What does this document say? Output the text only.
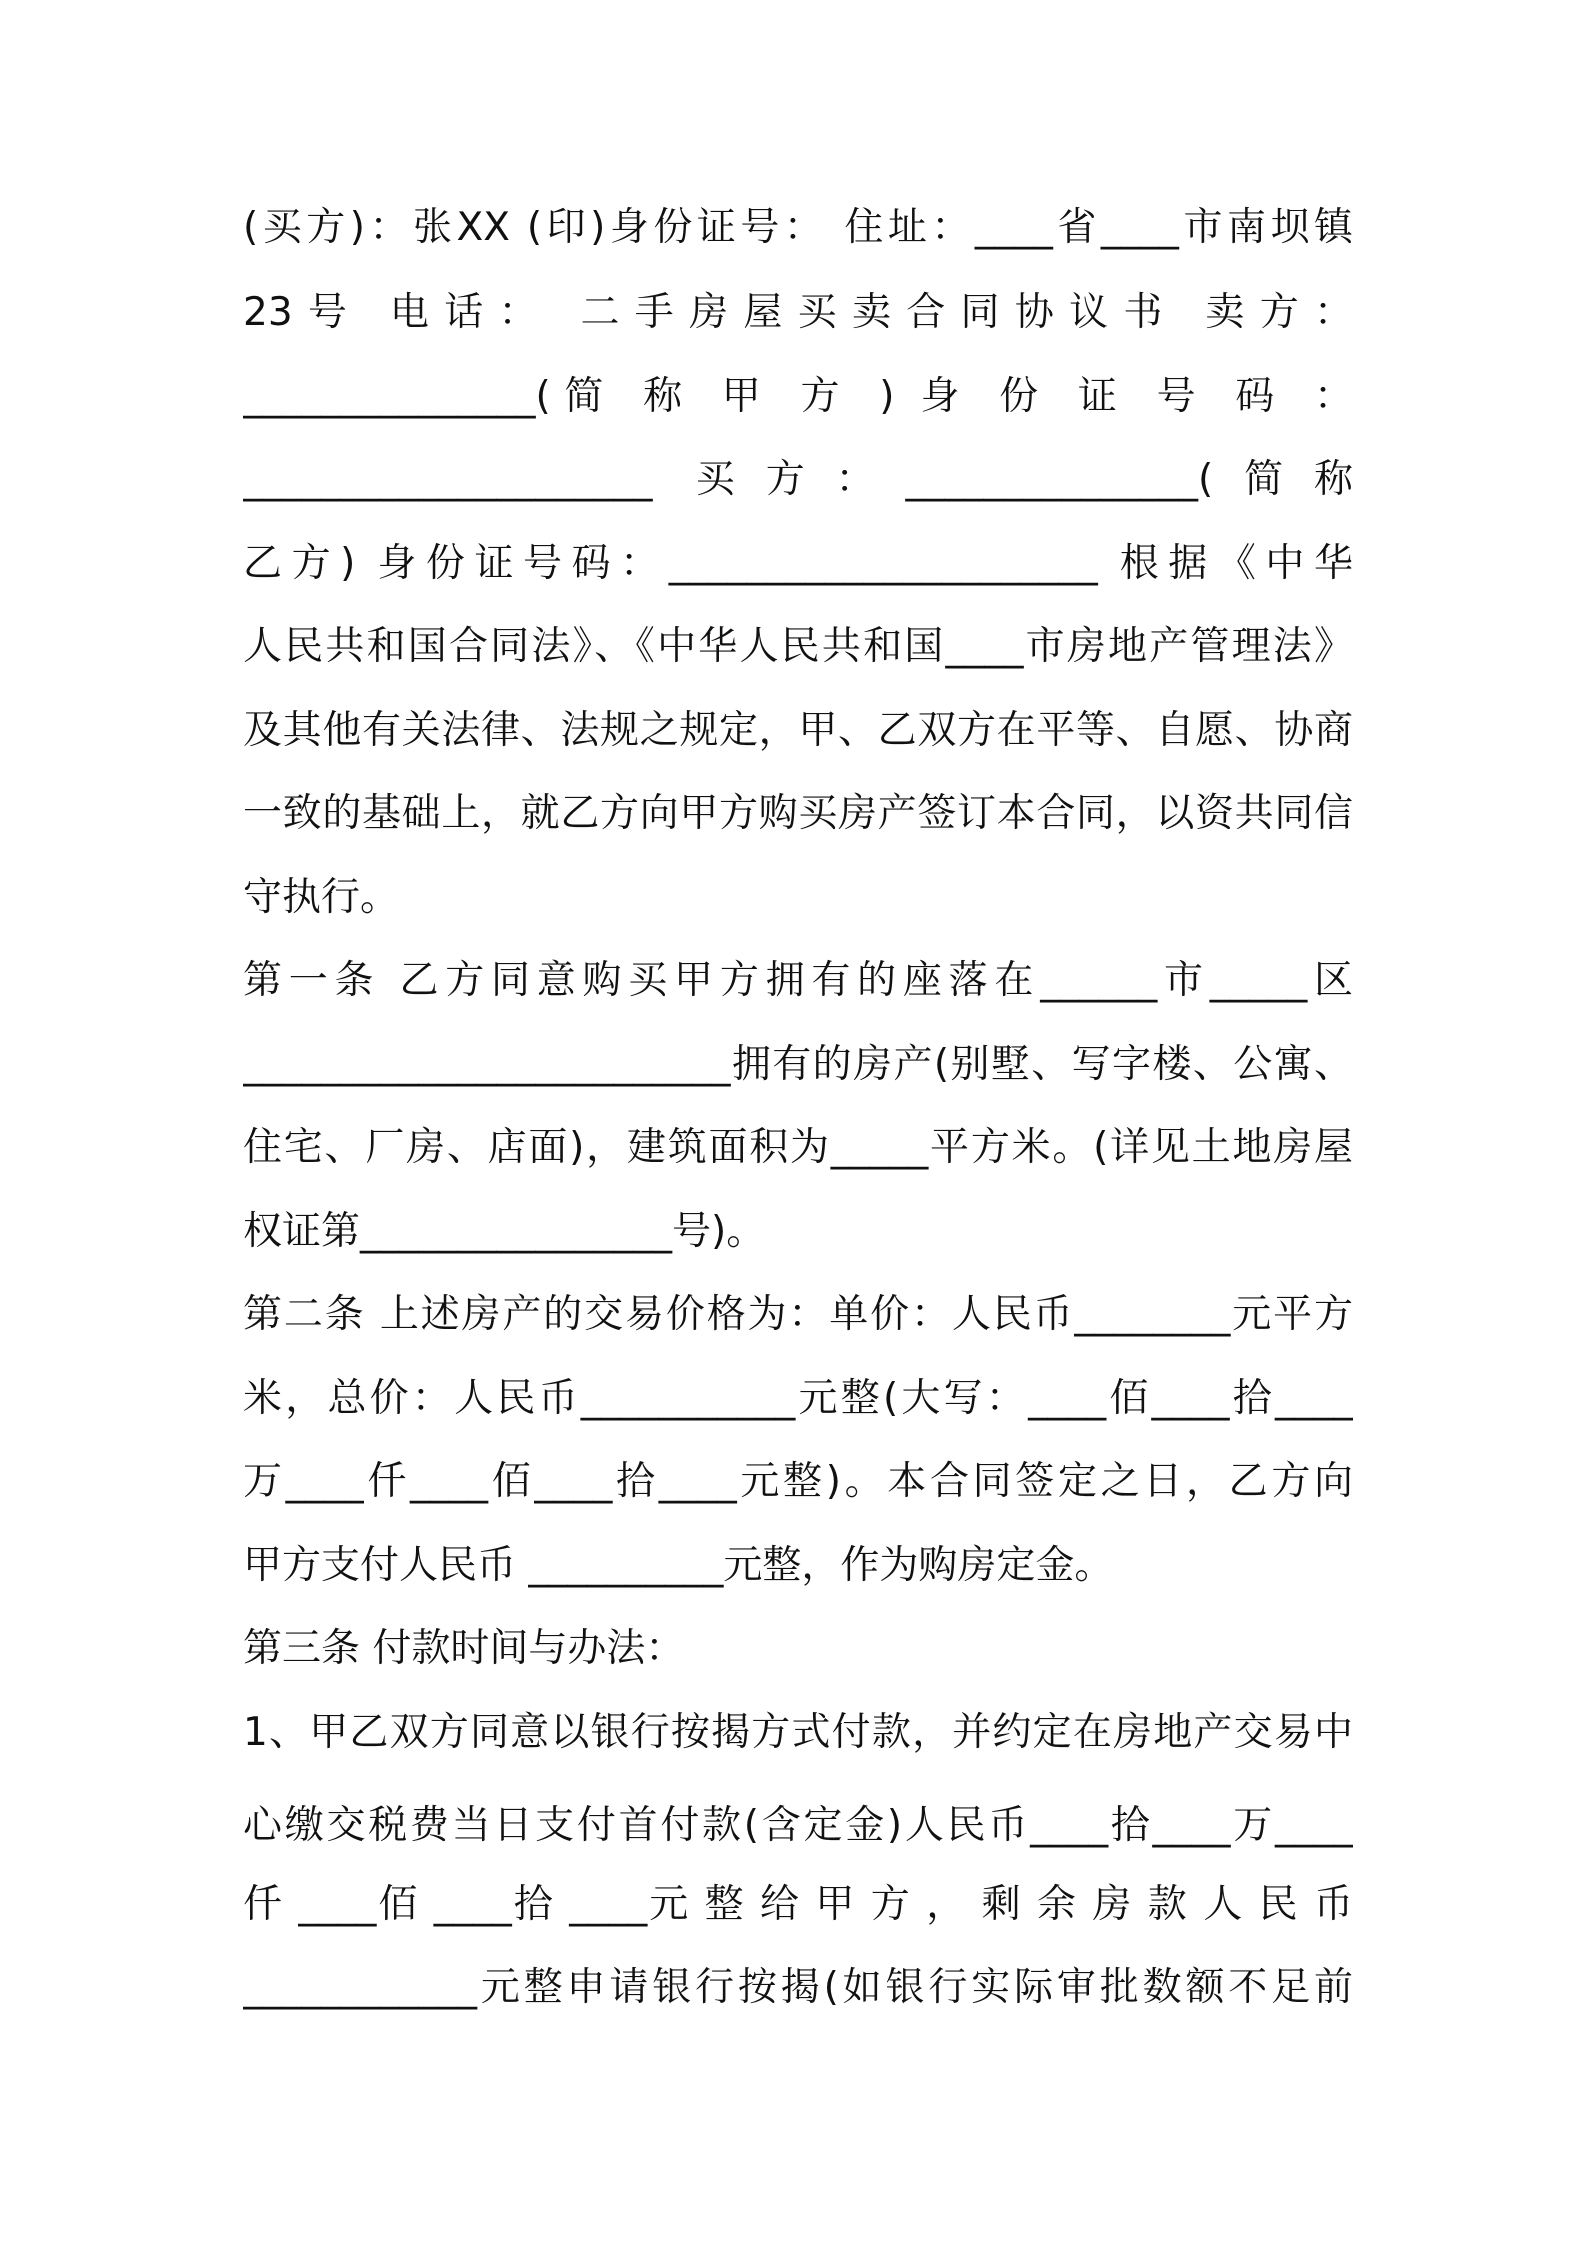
(买方)：张XX (印)身份证号： 住址：____省____市南坝镇
23号 电话： 二手房屋买卖合同协议书 卖方：
_______________(简 称 甲 方 ) 身 份 证 号 码 ：
_____________________ 买方：_______________(简称
乙方) 身份证号码：______________________ 根据《中华
人民共和国合同法》、《中华人民共和国____市房地产管理法》
及其他有关法律、法规之规定，甲、乙双方在平等、自愿、协商
一致的基础上，就乙方向甲方购买房产签订本合同，以资共同信
守执行。
第一条 乙方同意购买甲方拥有的座落在______市_____区
_________________________拥有的房产(别墅、写字楼、公寓、
住宅、厂房、店面)，建筑面积为_____平方米。(详见土地房屋
权证第________________号)。
第二条 上述房产的交易价格为：单价：人民币________元平方
米，总价：人民币___________元整(大写：____佰____拾____
万____仟____佰____拾____元整)。本合同签定之日，乙方向
甲方支付人民币 __________元整，作为购房定金。
第三条 付款时间与办法：
1、甲乙双方同意以银行按揭方式付款，并约定在房地产交易中
心缴交税费当日支付首付款(含定金)人民币____拾____万____
仟 ____佰 ____拾 ____元 整 给 甲 方 ， 剩 余 房 款 人 民 币
____________元整申请银行按揭(如银行实际审批数额不足前
